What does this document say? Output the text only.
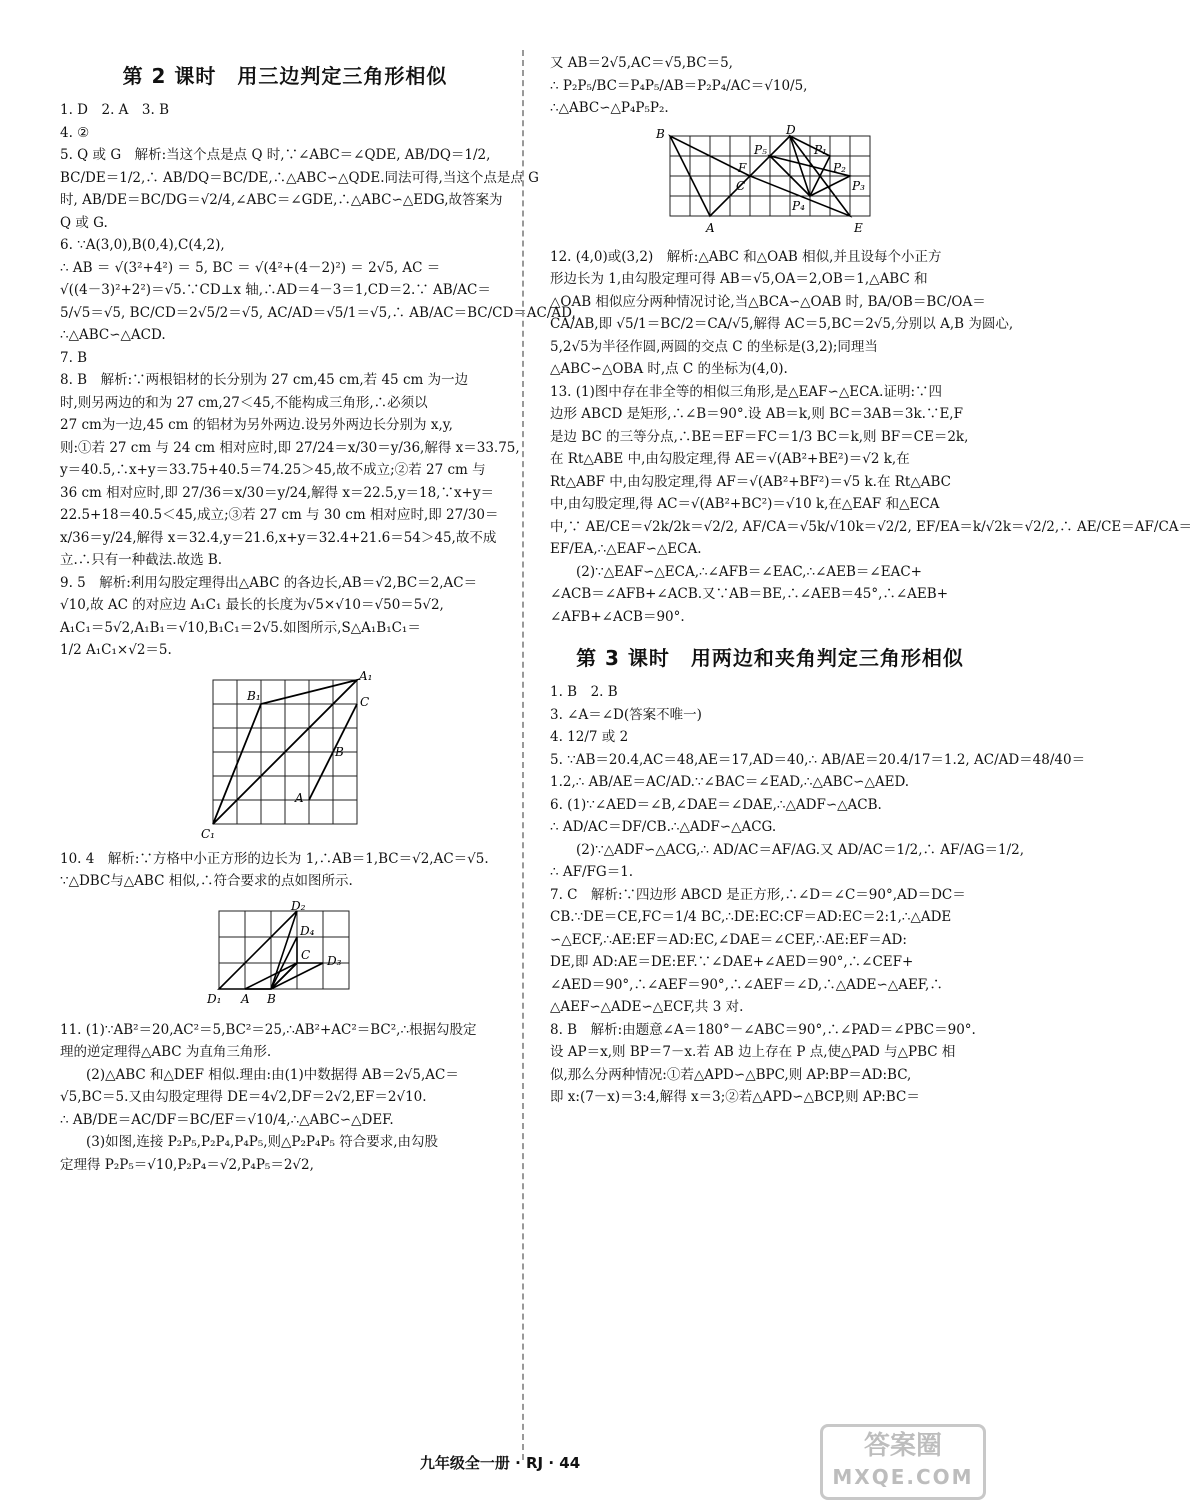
第 2 课时　用三边判定三角形相似
1. D　2. A　3. B
4. ②
5. Q 或 G　解析:当这个点是点 Q 时,∵∠ABC＝∠QDE, AB/DQ＝1/2,
BC/DE＝1/2,∴ AB/DQ＝BC/DE,∴△ABC∽△QDE.同法可得,当这个点是点 G
时, AB/DE＝BC/DG＝√2/4,∠ABC＝∠GDE,∴△ABC∽△EDG,故答案为
Q 或 G.
6. ∵A(3,0),B(0,4),C(4,2),
∴ AB ＝ √(3²+4²) ＝ 5, BC ＝ √(4²+(4－2)²) ＝ 2√5, AC ＝
√((4－3)²+2²)＝√5.∵CD⊥x 轴,∴AD＝4－3＝1,CD＝2.∵ AB/AC＝
5/√5＝√5, BC/CD＝2√5/2＝√5, AC/AD＝√5/1＝√5,∴ AB/AC＝BC/CD＝AC/AD,
∴△ABC∽△ACD.
7. B
8. B　解析:∵两根铝材的长分别为 27 cm,45 cm,若 45 cm 为一边
时,则另两边的和为 27 cm,27＜45,不能构成三角形,∴必须以
27 cm为一边,45 cm 的铝材为另外两边.设另外两边长分别为 x,y,
则:①若 27 cm 与 24 cm 相对应时,即 27/24＝x/30＝y/36,解得 x＝33.75,
y＝40.5,∴x+y＝33.75+40.5＝74.25＞45,故不成立;②若 27 cm 与
36 cm 相对应时,即 27/36＝x/30＝y/24,解得 x＝22.5,y＝18,∵x+y＝
22.5+18＝40.5＜45,成立;③若 27 cm 与 30 cm 相对应时,即 27/30＝
x/36＝y/24,解得 x＝32.4,y＝21.6,x+y＝32.4+21.6＝54＞45,故不成
立.∴只有一种截法.故选 B.
9. 5　解析:利用勾股定理得出△ABC 的各边长,AB＝√2,BC＝2,AC＝
√10,故 AC 的对应边 A₁C₁ 最长的长度为√5×√10＝√50＝5√2,
A₁C₁＝5√2,A₁B₁＝√10,B₁C₁＝2√5.如图所示,S△A₁B₁C₁＝
1/2 A₁C₁×√2＝5.
A₁
B₁	C
B
A
C₁
10. 4　解析:∵方格中小正方形的边长为 1,∴AB＝1,BC＝√2,AC＝√5.
∵△DBC与△ABC 相似,∴符合要求的点如图所示.
D₂
D₄
C D₃
D₁ A B
11. (1)∵AB²＝20,AC²＝5,BC²＝25,∴AB²+AC²＝BC²,∴根据勾股定
理的逆定理得△ABC 为直角三角形.
(2)△ABC 和△DEF 相似.理由:由(1)中数据得 AB＝2√5,AC＝
√5,BC＝5.又由勾股定理得 DE＝4√2,DF＝2√2,EF＝2√10.
∴ AB/DE＝AC/DF＝BC/EF＝√10/4,∴△ABC∽△DEF.
(3)如图,连接 P₂P₅,P₂P₄,P₄P₅,则△P₂P₄P₅ 符合要求,由勾股
定理得 P₂P₅＝√10,P₂P₄＝√2,P₄P₅＝2√2,
又 AB＝2√5,AC＝√5,BC＝5,
∴ P₂P₅/BC＝P₄P₅/AB＝P₂P₄/AC＝√10/5,
∴△ABC∽△P₄P₅P₂.
B	D
P₅	P₁
P₂
F
C	P₃
P₄
A	E
12. (4,0)或(3,2)　解析:△ABC 和△OAB 相似,并且设每个小正方
形边长为 1,由勾股定理可得 AB＝√5,OA＝2,OB＝1,△ABC 和
△OAB 相似应分两种情况讨论,当△BCA∽△OAB 时, BA/OB＝BC/OA＝
CA/AB,即 √5/1＝BC/2＝CA/√5,解得 AC＝5,BC＝2√5,分别以 A,B 为圆心,
5,2√5为半径作圆,两圆的交点 C 的坐标是(3,2);同理当
△ABC∽△OBA 时,点 C 的坐标为(4,0).
13. (1)图中存在非全等的相似三角形,是△EAF∽△ECA.证明:∵四
边形 ABCD 是矩形,∴∠B＝90°.设 AB＝k,则 BC＝3AB＝3k.∵E,F
是边 BC 的三等分点,∴BE＝EF＝FC＝1/3 BC＝k,则 BF＝CE＝2k,
在 Rt△ABE 中,由勾股定理,得 AE＝√(AB²+BE²)＝√2 k,在
Rt△ABF 中,由勾股定理,得 AF＝√(AB²+BF²)＝√5 k.在 Rt△ABC
中,由勾股定理,得 AC＝√(AB²+BC²)＝√10 k,在△EAF 和△ECA
中,∵ AE/CE＝√2k/2k＝√2/2, AF/CA＝√5k/√10k＝√2/2, EF/EA＝k/√2k＝√2/2,∴ AE/CE＝AF/CA＝
EF/EA,∴△EAF∽△ECA.
(2)∵△EAF∽△ECA,∴∠AFB＝∠EAC,∴∠AEB＝∠EAC+
∠ACB＝∠AFB+∠ACB.又∵AB＝BE,∴∠AEB＝45°,∴∠AEB+
∠AFB+∠ACB＝90°.
第 3 课时　用两边和夹角判定三角形相似
1. B　2. B
3. ∠A＝∠D(答案不唯一)
4. 12/7 或 2
5. ∵AB＝20.4,AC＝48,AE＝17,AD＝40,∴ AB/AE＝20.4/17＝1.2, AC/AD＝48/40＝
1.2,∴ AB/AE＝AC/AD.∵∠BAC＝∠EAD,∴△ABC∽△AED.
6. (1)∵∠AED＝∠B,∠DAE＝∠DAE,∴△ADF∽△ACB.
∴ AD/AC＝DF/CB.∴△ADF∽△ACG.
(2)∵△ADF∽△ACG,∴ AD/AC＝AF/AG.又 AD/AC＝1/2,∴ AF/AG＝1/2,
∴ AF/FG＝1.
7. C　解析:∵四边形 ABCD 是正方形,∴∠D＝∠C＝90°,AD＝DC＝
CB.∵DE＝CE,FC＝1/4 BC,∴DE:EC:CF＝AD:EC＝2:1,∴△ADE
∽△ECF,∴AE:EF＝AD:EC,∠DAE＝∠CEF,∴AE:EF＝AD:
DE,即 AD:AE＝DE:EF.∵∠DAE+∠AED＝90°,∴∠CEF+
∠AED＝90°,∴∠AEF＝90°,∴∠AEF＝∠D,∴△ADE∽△AEF,∴
△AEF∽△ADE∽△ECF,共 3 对.
8. B　解析:由题意∠A＝180°－∠ABC＝90°,∴∠PAD＝∠PBC＝90°.
设 AP＝x,则 BP＝7－x.若 AB 边上存在 P 点,使△PAD 与△PBC 相
似,那么分两种情况:①若△APD∽△BPC,则 AP:BP＝AD:BC,
即 x:(7－x)＝3:4,解得 x＝3;②若△APD∽△BCP,则 AP:BC＝
九年级全一册 · RJ · 44
答案圈
MXQE.COM
